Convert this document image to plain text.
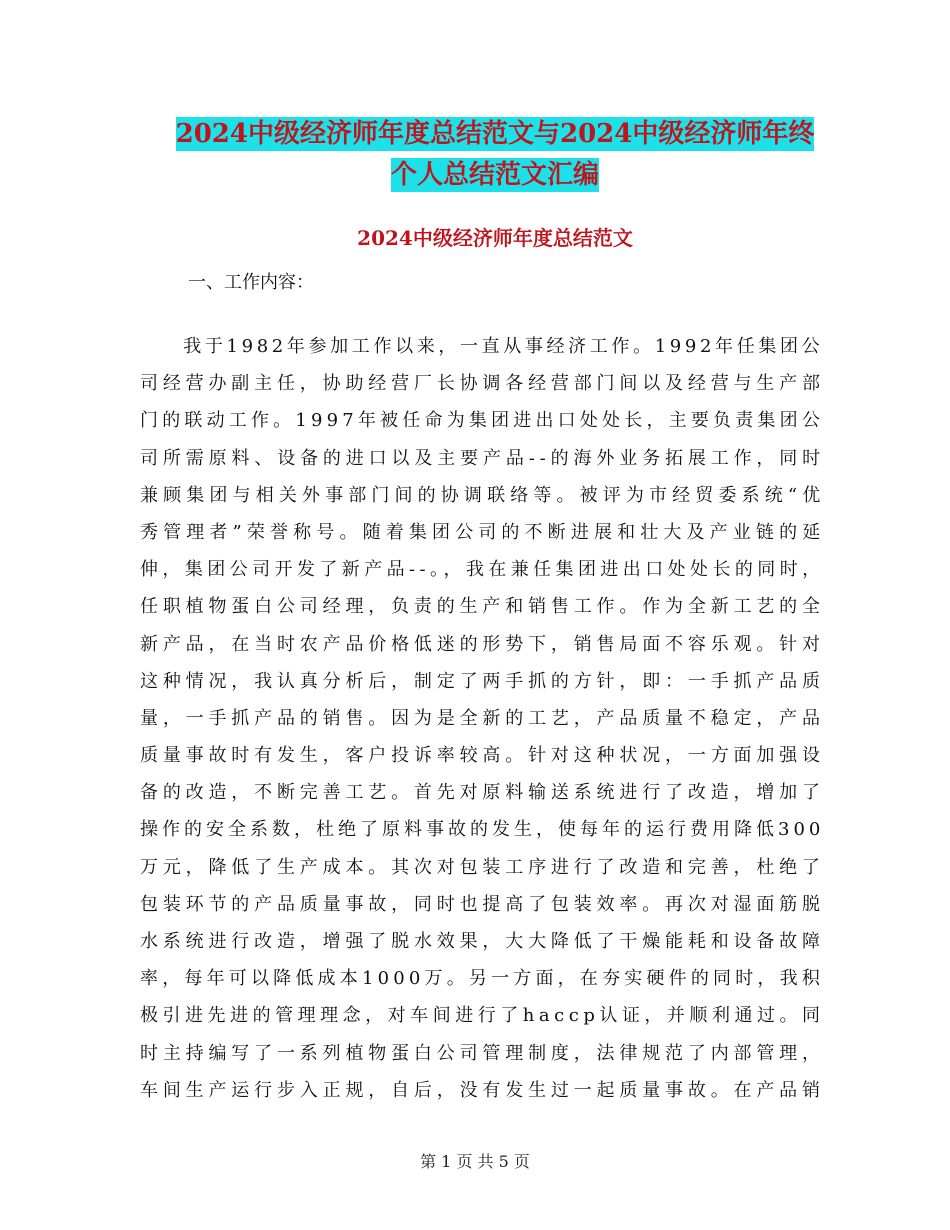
2024中级经济师年度总结范文与2024中级经济师年终
个人总结范文汇编
2024中级经济师年度总结范文

一、工作内容：

　　我于1982年参加工作以来，一直从事经济工作。1992年任集团公
司经营办副主任，协助经营厂长协调各经营部门间以及经营与生产部
门的联动工作。1997年被任命为集团进出口处处长，主要负责集团公
司所需原料、设备的进口以及主要产品--的海外业务拓展工作，同时
兼顾集团与相关外事部门间的协调联络等。被评为市经贸委系统“优
秀管理者”荣誉称号。随着集团公司的不断进展和壮大及产业链的延
伸，集团公司开发了新产品--。，我在兼任集团进出口处处长的同时，
任职植物蛋白公司经理，负责的生产和销售工作。作为全新工艺的全
新产品，在当时农产品价格低迷的形势下，销售局面不容乐观。针对
这种情况，我认真分析后，制定了两手抓的方针，即：一手抓产品质
量，一手抓产品的销售。因为是全新的工艺，产品质量不稳定，产品
质量事故时有发生，客户投诉率较高。针对这种状况，一方面加强设
备的改造，不断完善工艺。首先对原料输送系统进行了改造，增加了
操作的安全系数，杜绝了原料事故的发生，使每年的运行费用降低300
万元，降低了生产成本。其次对包装工序进行了改造和完善，杜绝了
包装环节的产品质量事故，同时也提高了包装效率。再次对湿面筋脱
水系统进行改造，增强了脱水效果，大大降低了干燥能耗和设备故障
率，每年可以降低成本1000万。另一方面，在夯实硬件的同时，我积
极引进先进的管理理念，对车间进行了haccp认证，并顺利通过。同
时主持编写了一系列植物蛋白公司管理制度，法律规范了内部管理，
车间生产运行步入正规，自后，没有发生过一起质量事故。在产品销
第 1 页 共 5 页
